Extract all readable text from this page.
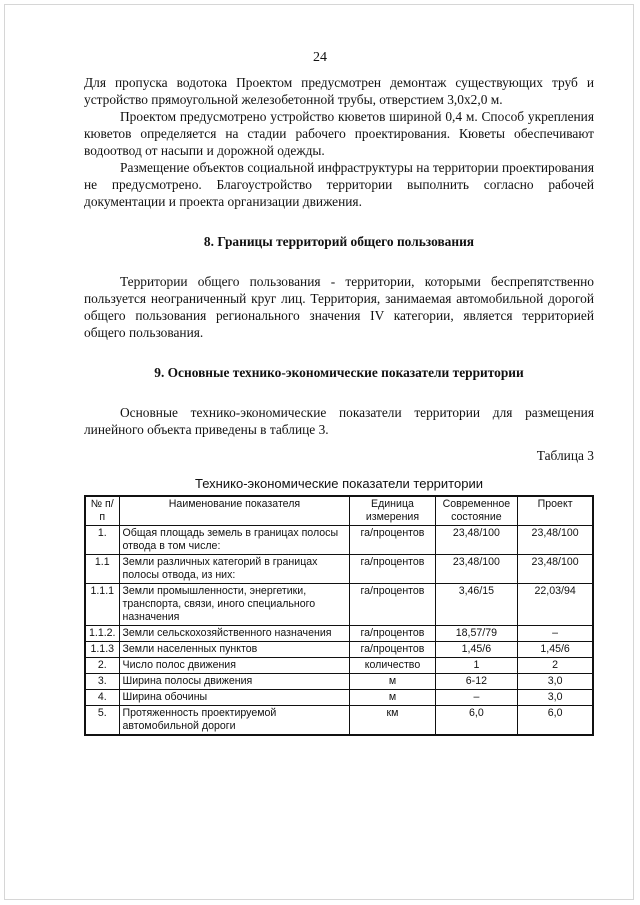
24

Для пропуска водотока Проектом предусмотрен демонтаж существующих труб и устройство прямоугольной железобетонной трубы, отверстием 3,0х2,0 м.

Проектом предусмотрено устройство кюветов шириной 0,4 м. Способ укрепления кюветов определяется на стадии рабочего проектирования. Кюветы обеспечивают водоотвод от насыпи и дорожной одежды.

Размещение объектов социальной инфраструктуры на территории проектирования не предусмотрено. Благоустройство территории выполнить согласно рабочей документации и проекта организации движения.

8. Границы территорий общего пользования

Территории общего пользования - территории, которыми беспрепятственно пользуется неограниченный круг лиц. Территория, занимаемая автомобильной дорогой общего пользования регионального значения IV категории, является территорией общего пользования.

9. Основные технико-экономические показатели территории

Основные технико-экономические показатели территории для размещения линейного объекта приведены в таблице 3.

Таблица 3
Технико-экономические показатели территории
№ п/п	Наименование показателя	Единица измерения	Современное состояние	Проект
1.	Общая площадь земель в границах полосы отвода в том числе:	га/процентов	23,48/100	23,48/100
1.1	Земли различных категорий в границах полосы отвода, из них:	га/процентов	23,48/100	23,48/100
1.1.1	Земли промышленности, энергетики, транспорта, связи, иного специального назначения	га/процентов	3,46/15	22,03/94
1.1.2.	Земли сельскохозяйственного назначения	га/процентов	18,57/79	–
1.1.3	Земли населенных пунктов	га/процентов	1,45/6	1,45/6
2.	Число полос движения	количество	1	2
3.	Ширина полосы движения	м	6-12	3,0
4.	Ширина обочины	м	–	3,0
5.	Протяженность проектируемой автомобильной дороги	км	6,0	6,0
